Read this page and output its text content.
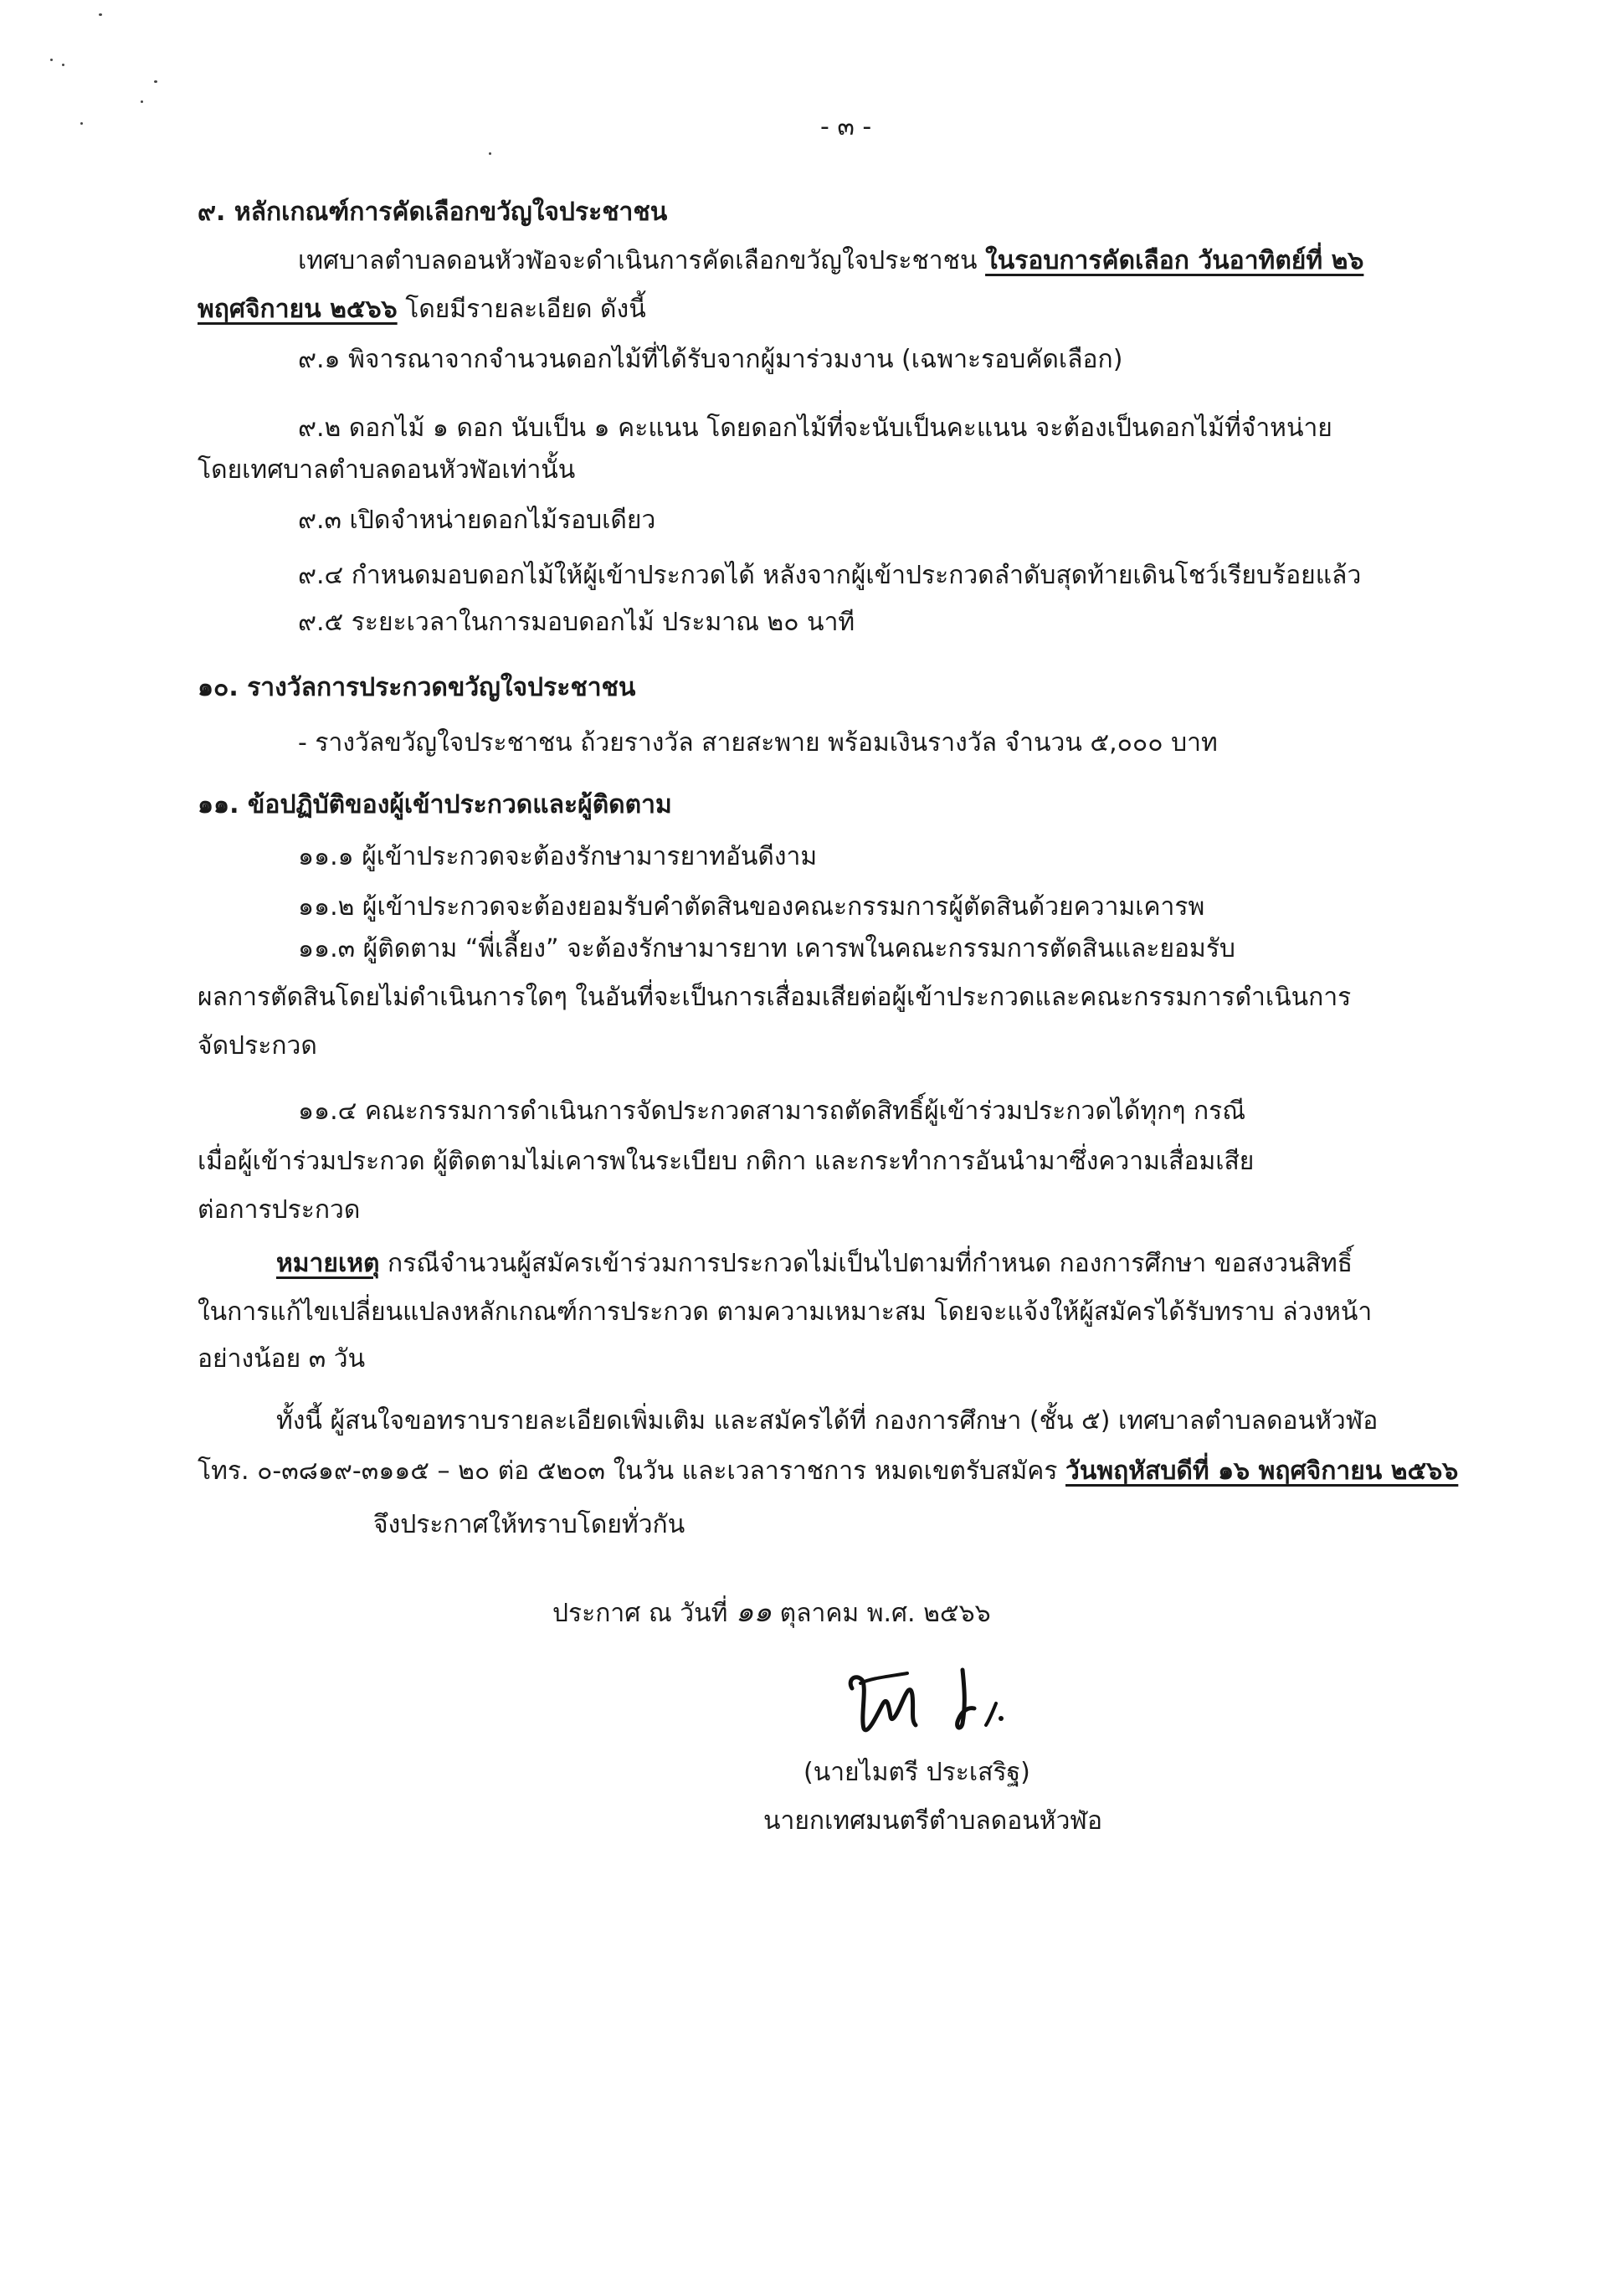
- ๓ -
๙. หลักเกณฑ์การคัดเลือกขวัญใจประชาชน
เทศบาลตำบลดอนหัวฬ่อจะดำเนินการคัดเลือกขวัญใจประชาชน ในรอบการคัดเลือก วันอาทิตย์ที่ ๒๖
พฤศจิกายน ๒๕๖๖ โดยมีรายละเอียด ดังนี้
๙.๑ พิจารณาจากจำนวนดอกไม้ที่ได้รับจากผู้มาร่วมงาน (เฉพาะรอบคัดเลือก)
๙.๒ ดอกไม้ ๑ ดอก นับเป็น ๑ คะแนน โดยดอกไม้ที่จะนับเป็นคะแนน จะต้องเป็นดอกไม้ที่จำหน่าย
โดยเทศบาลตำบลดอนหัวฬ่อเท่านั้น
๙.๓ เปิดจำหน่ายดอกไม้รอบเดียว
๙.๔ กำหนดมอบดอกไม้ให้ผู้เข้าประกวดได้ หลังจากผู้เข้าประกวดลำดับสุดท้ายเดินโชว์เรียบร้อยแล้ว
๙.๕ ระยะเวลาในการมอบดอกไม้ ประมาณ ๒๐ นาที
๑๐. รางวัลการประกวดขวัญใจประชาชน
- รางวัลขวัญใจประชาชน ถ้วยรางวัล สายสะพาย พร้อมเงินรางวัล จำนวน ๕,๐๐๐ บาท
๑๑. ข้อปฏิบัติของผู้เข้าประกวดและผู้ติดตาม
๑๑.๑ ผู้เข้าประกวดจะต้องรักษามารยาทอันดีงาม
๑๑.๒ ผู้เข้าประกวดจะต้องยอมรับคำตัดสินของคณะกรรมการผู้ตัดสินด้วยความเคารพ
๑๑.๓ ผู้ติดตาม “พี่เลี้ยง” จะต้องรักษามารยาท เคารพในคณะกรรมการตัดสินและยอมรับ
ผลการตัดสินโดยไม่ดำเนินการใดๆ ในอันที่จะเป็นการเสื่อมเสียต่อผู้เข้าประกวดและคณะกรรมการดำเนินการ
จัดประกวด
๑๑.๔ คณะกรรมการดำเนินการจัดประกวดสามารถตัดสิทธิ์ผู้เข้าร่วมประกวดได้ทุกๆ กรณี
เมื่อผู้เข้าร่วมประกวด ผู้ติดตามไม่เคารพในระเบียบ กติกา และกระทำการอันนำมาซึ่งความเสื่อมเสีย
ต่อการประกวด
หมายเหตุ กรณีจำนวนผู้สมัครเข้าร่วมการประกวดไม่เป็นไปตามที่กำหนด กองการศึกษา ขอสงวนสิทธิ์
ในการแก้ไขเปลี่ยนแปลงหลักเกณฑ์การประกวด ตามความเหมาะสม โดยจะแจ้งให้ผู้สมัครได้รับทราบ ล่วงหน้า
อย่างน้อย ๓ วัน
ทั้งนี้ ผู้สนใจขอทราบรายละเอียดเพิ่มเติม และสมัครได้ที่ กองการศึกษา (ชั้น ๕) เทศบาลตำบลดอนหัวฬ่อ
โทร. ๐-๓๘๑๙-๓๑๑๕ – ๒๐ ต่อ ๕๒๐๓ ในวัน และเวลาราชการ หมดเขตรับสมัคร วันพฤหัสบดีที่ ๑๖ พฤศจิกายน ๒๕๖๖
จึงประกาศให้ทราบโดยทั่วกัน
ประกาศ ณ วันที่ ๑๑ ตุลาคม พ.ศ. ๒๕๖๖
(นายไมตรี ประเสริฐ)
นายกเทศมนตรีตำบลดอนหัวฬ่อ
